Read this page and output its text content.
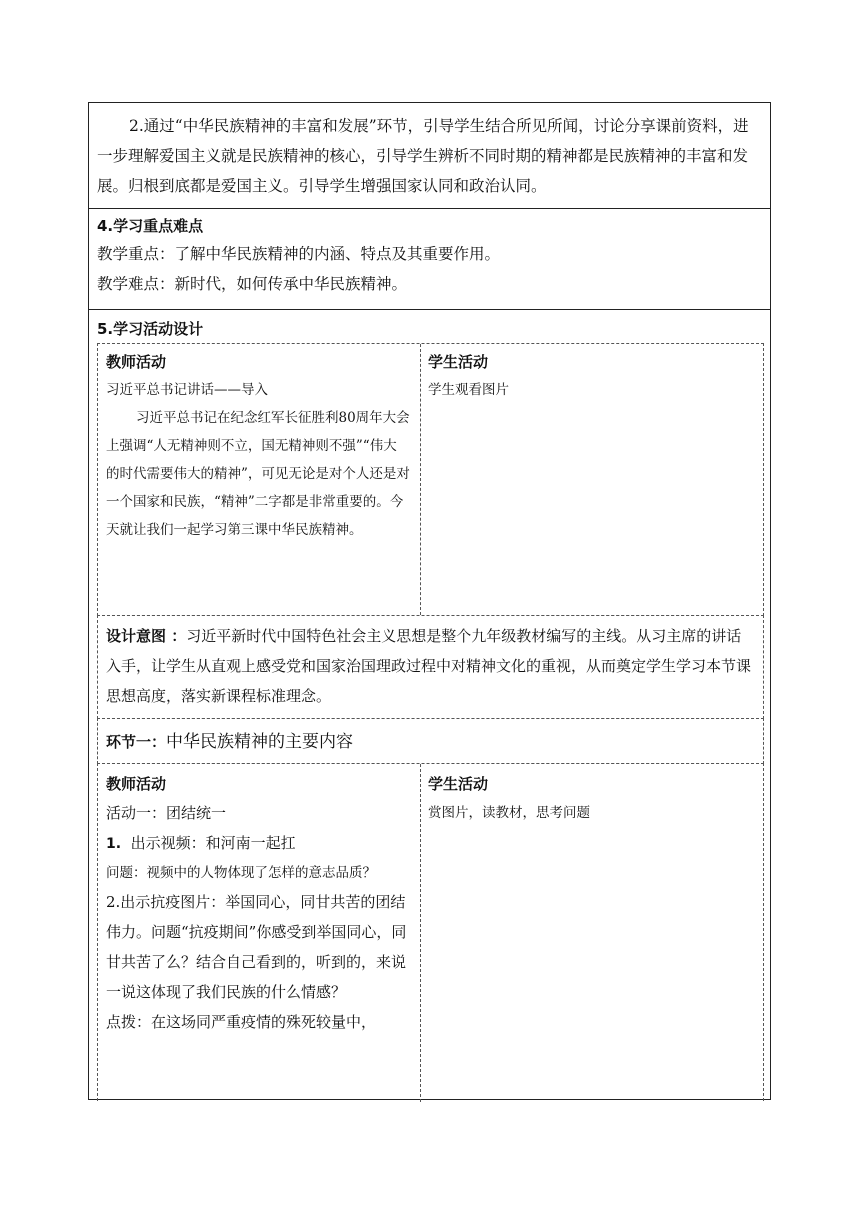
2.通过“中华民族精神的丰富和发展”环节，引导学生结合所见所闻，讨论分享课前资料，进一步理解爱国主义就是民族精神的核心，引导学生辨析不同时期的精神都是民族精神的丰富和发展。归根到底都是爱国主义。引导学生增强国家认同和政治认同。

4.学习重点难点
教学重点：了解中华民族精神的内涵、特点及其重要作用。
教学难点：新时代，如何传承中华民族精神。
5.学习活动设计
教师活动
习近平总书记讲话——导入
习近平总书记在纪念红军长征胜利80周年大会上强调“人无精神则不立，国无精神则不强”“伟大的时代需要伟大的精神”，可见无论是对个人还是对一个国家和民族，“精神”二字都是非常重要的。今天就让我们一起学习第三课中华民族精神。
学生活动
学生观看图片
设计意图 ：习近平新时代中国特色社会主义思想是整个九年级教材编写的主线。从习主席的讲话入手，让学生从直观上感受党和国家治国理政过程中对精神文化的重视，从而奠定学生学习本节课思想高度，落实新课程标准理念。
环节一：中华民族精神的主要内容
教师活动
活动一：团结统一
1. 出示视频：和河南一起扛
问题：视频中的人物体现了怎样的意志品质？
2.出示抗疫图片：举国同心，同甘共苦的团结伟力。问题“抗疫期间”你感受到举国同心，同甘共苦了么？结合自己看到的，听到的，来说一说这体现了我们民族的什么情感？
点拨：在这场同严重疫情的殊死较量中，
学生活动
赏图片，读教材，思考问题
